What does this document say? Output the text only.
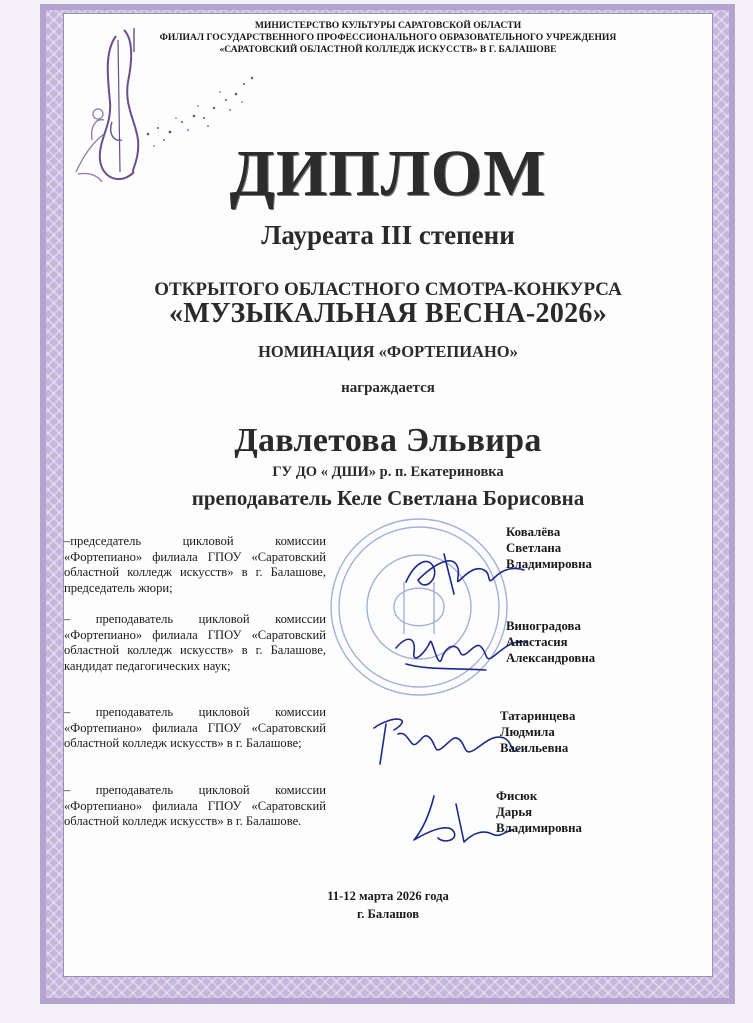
МИНИСТЕРСТВО КУЛЬТУРЫ САРАТОВСКОЙ ОБЛАСТИ
ФИЛИАЛ ГОСУДАРСТВЕННОГО ПРОФЕССИОНАЛЬНОГО ОБРАЗОВАТЕЛЬНОГО УЧРЕЖДЕНИЯ
«САРАТОВСКИЙ ОБЛАСТНОЙ КОЛЛЕДЖ ИСКУССТВ» В Г. БАЛАШОВЕ
ДИПЛОМ
Лауреата III степени
ОТКРЫТОГО ОБЛАСТНОГО СМОТРА-КОНКУРСА
«МУЗЫКАЛЬНАЯ ВЕСНА-2026»
НОМИНАЦИЯ «ФОРТЕПИАНО»
награждается
Давлетова Эльвира
ГУ ДО « ДШИ» р. п. Екатериновка
преподаватель Келе Светлана Борисовна
–председатель цикловой комиссии «Фортепиано» филиала ГПОУ «Саратовский областной колледж искусств» в г. Балашове, председатель жюри;
– преподаватель цикловой комиссии «Фортепиано» филиала ГПОУ «Саратовский областной колледж искусств» в г. Балашове, кандидат педагогических наук;
– преподаватель цикловой комиссии «Фортепиано» филиала ГПОУ «Саратовский областной колледж искусств» в г. Балашове;
– преподаватель цикловой комиссии «Фортепиано» филиала ГПОУ «Саратовский областной колледж искусств» в г. Балашове.
Ковалёва
Светлана
Владимировна
Виноградова
Анастасия
Александровна
Татаринцева
Людмила
Васильевна
Фисюк
Дарья
Владимировна
11-12 марта 2026 года
г. Балашов
